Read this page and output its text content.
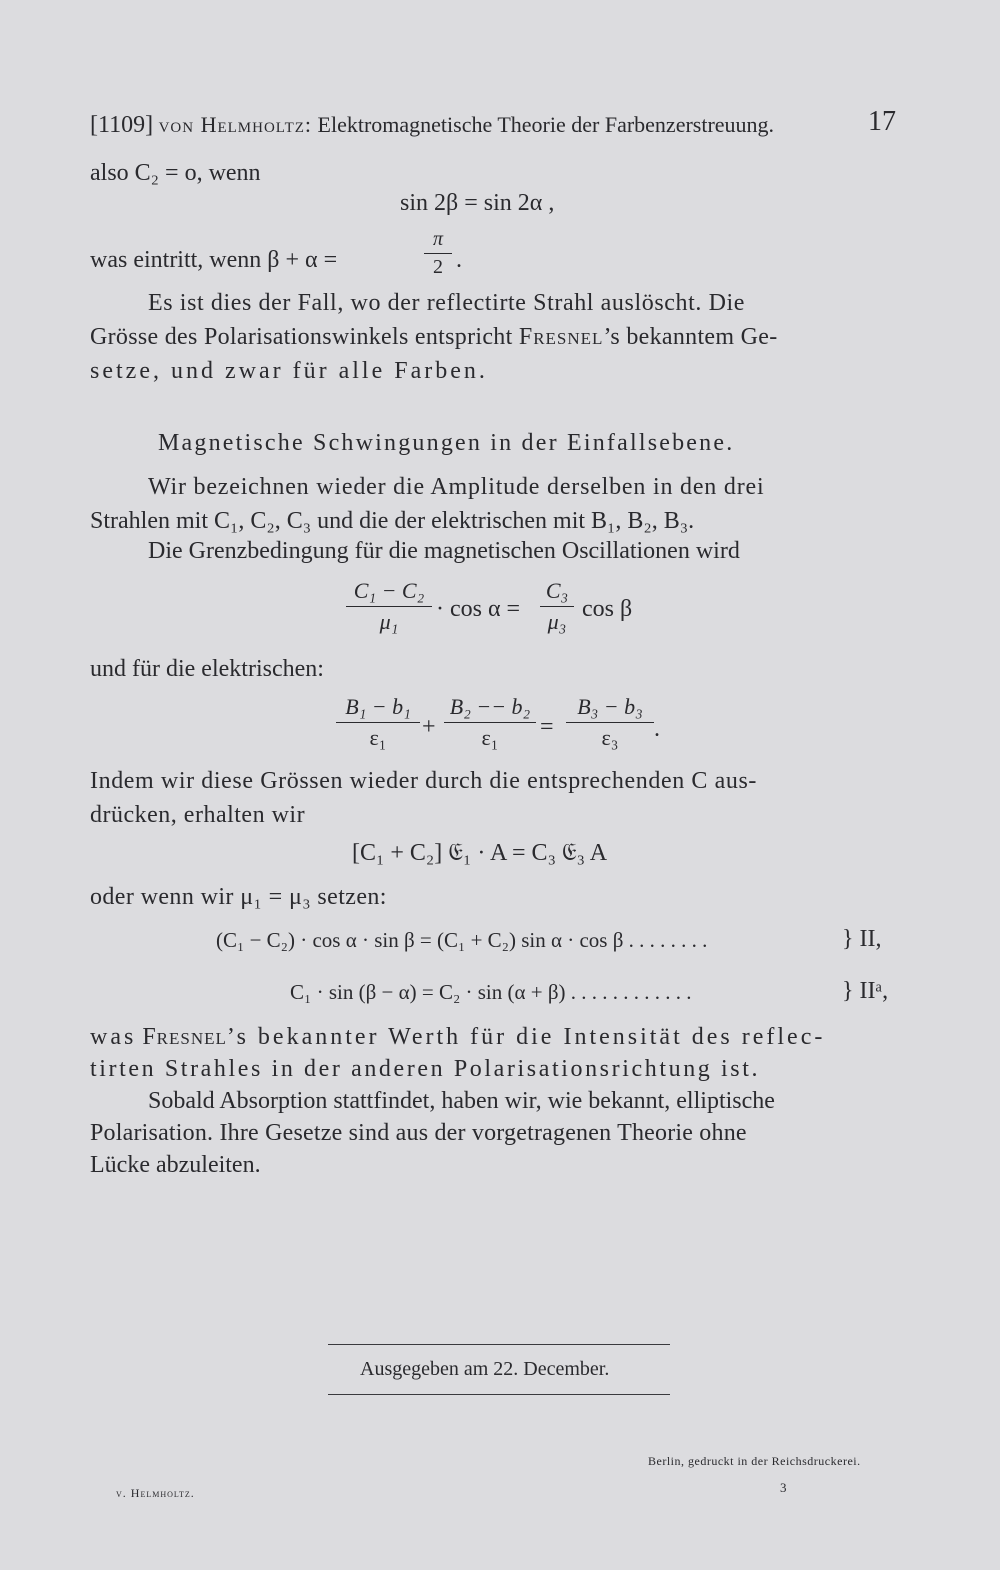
[1109] von Helmholtz: Elektromagnetische Theorie der Farbenzerstreuung.	17
also C₂ = o, wenn
sin 2β = sin 2α ,
was eintritt, wenn β + α =
π
2 .
Es ist dies der Fall, wo der reflectirte Strahl auslöscht. Die
Grösse des Polarisationswinkels entspricht Fresnel’s bekanntem Ge-
setze, und zwar für alle Farben.
Magnetische Schwingungen in der Einfallsebene.
Wir bezeichnen wieder die Amplitude derselben in den drei
Strahlen mit C₁, C₂, C₃ und die der elektrischen mit B₁, B₂, B₃.
Die Grenzbedingung für die magnetischen Oscillationen wird
C₁ − C₂
μ₁	· cos α =
C₃
μ₃ cos β
und für die elektrischen:
B₁ − b₁
ε₁	+
B₂ −− b₂
ε₁	=
B₃ − b₃
ε₃	.
Indem wir diese Grössen wieder durch die entsprechenden C aus-
drücken, erhalten wir
[C₁ + C₂] 𝔈₁ · A = C₃ 𝔈₃ A
oder wenn wir μ₁ = μ₃ setzen:
(C₁ − C₂) · cos α · sin β = (C₁ + C₂) sin α · cos β . . . . . . . .	} II,
C₁ · sin (β − α) = C₂ · sin (α + β) . . . . . . . . . . . .	} IIᵃ,
was Fresnel’s bekannter Werth für die Intensität des reflec-
tirten Strahles in der anderen Polarisationsrichtung ist.
Sobald Absorption stattfindet, haben wir, wie bekannt, elliptische
Polarisation. Ihre Gesetze sind aus der vorgetragenen Theorie ohne
Lücke abzuleiten.
Ausgegeben am 22. December.
Berlin, gedruckt in der Reichsdruckerei.
v. Helmholtz.	3
